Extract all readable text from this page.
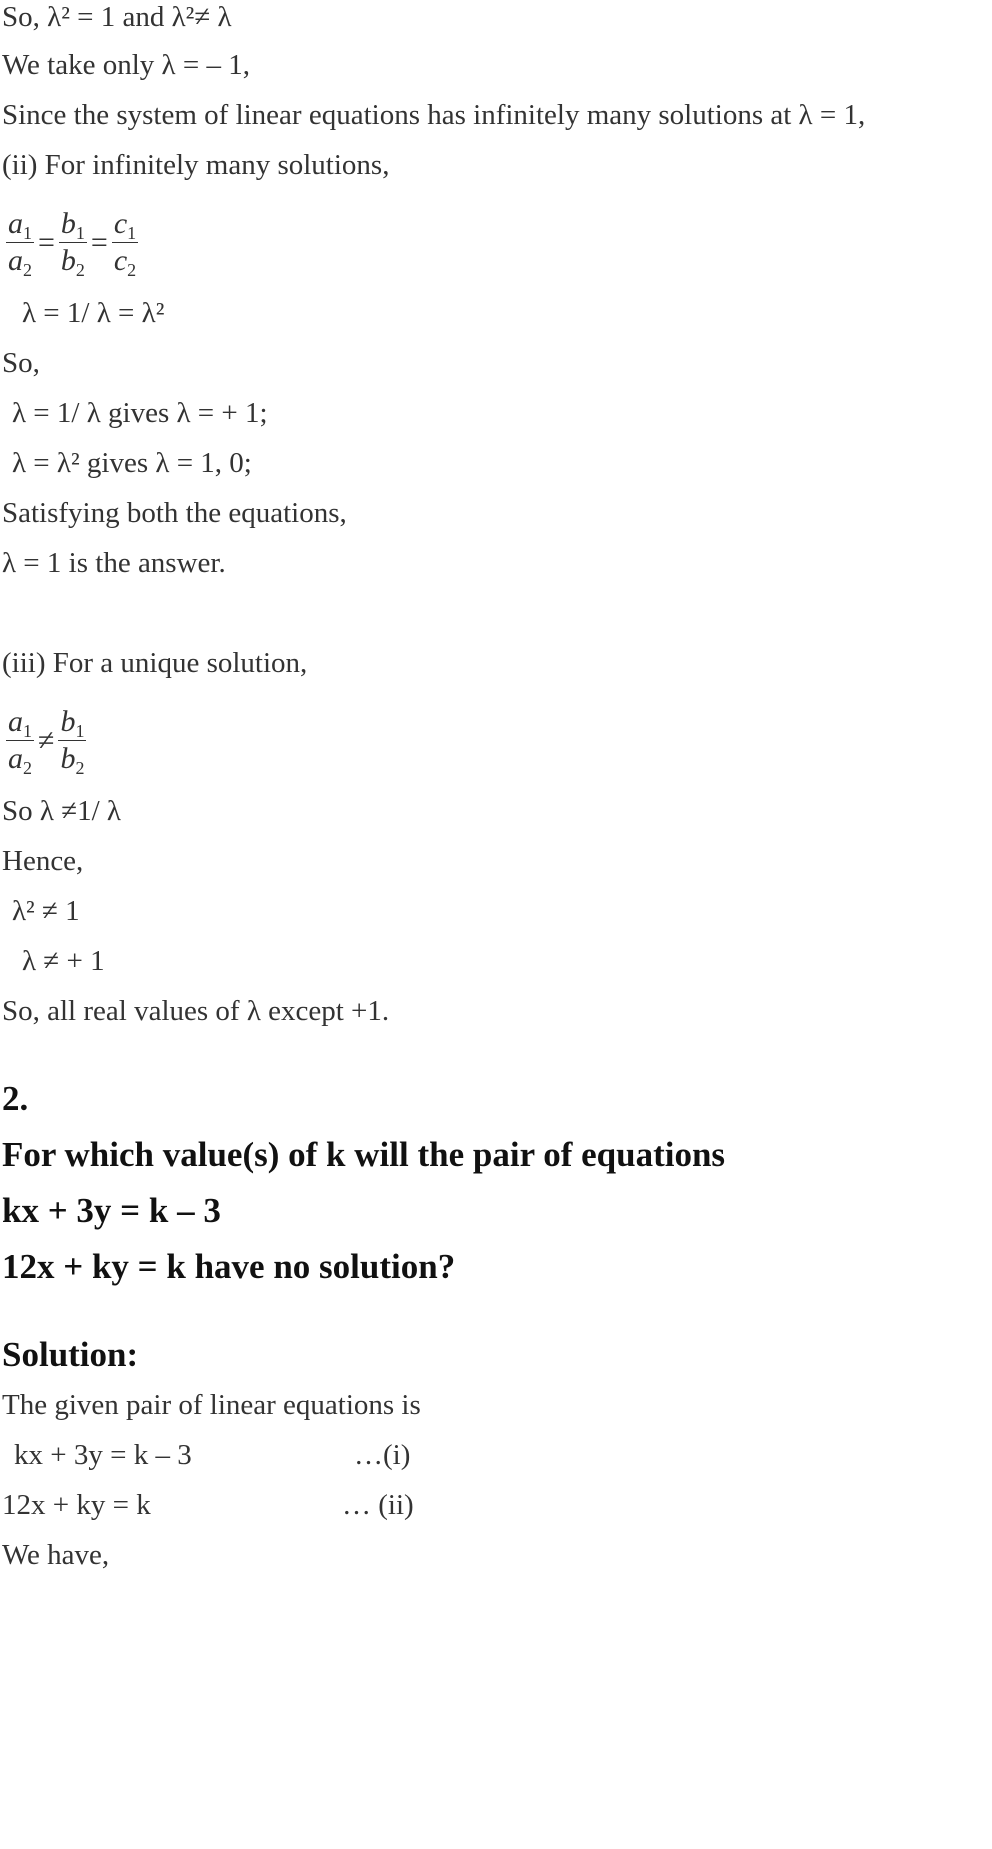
So, λ² = 1 and λ²≠ λ
We take only λ = – 1,
Since the system of linear equations has infinitely many solutions at λ = 1,
(ii) For infinitely many solutions,
$\frac{a_1}{a_2} = \frac{b_1}{b_2} = \frac{c_1}{c_2}$
λ = 1/ λ = λ²
So,
λ = 1/ λ gives λ = + 1;
λ = λ² gives λ = 1, 0;
Satisfying both the equations,
λ = 1 is the answer.
(iii) For a unique solution,
$\frac{a_1}{a_2} \ne \frac{b_1}{b_2}$
So λ ≠1/ λ
Hence,
λ² ≠ 1
λ ≠ + 1
So, all real values of λ except +1.
2.
For which value(s) of k will the pair of equations
kx + 3y = k – 3
12x + ky = k have no solution?
Solution:
The given pair of linear equations is
kx + 3y = k – 3	…(i)
12x + ky = k	… (ii)
We have,
